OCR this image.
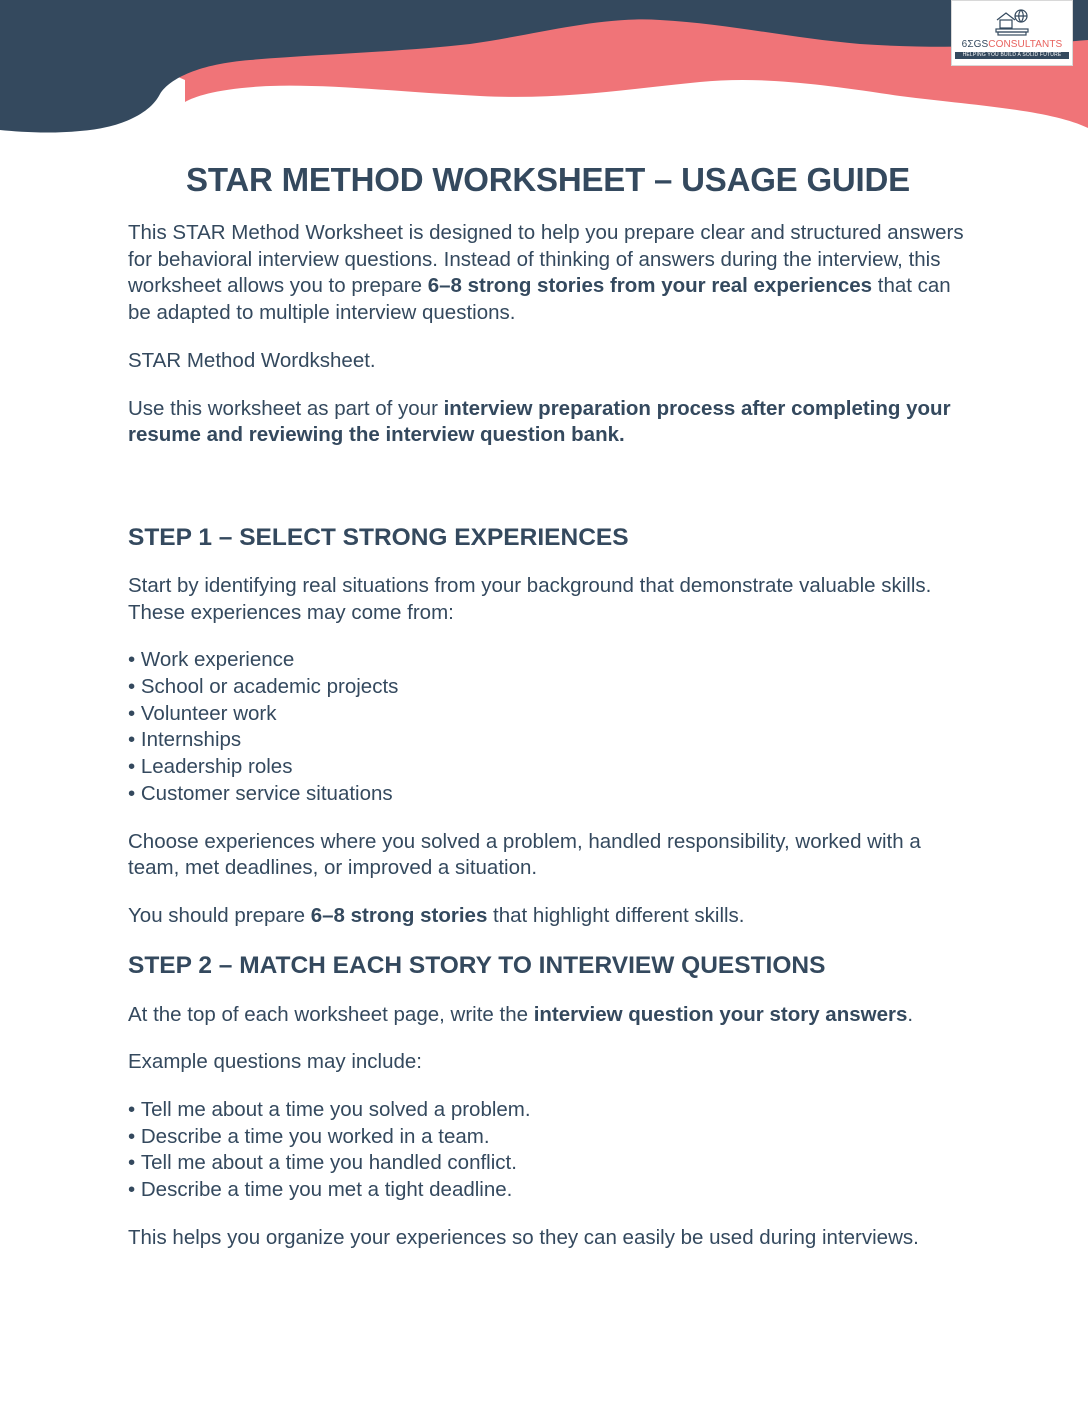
6ΣGSCONSULTANTS
HELPING YOU BUILD A SOLID FUTURE
STAR METHOD WORKSHEET – USAGE GUIDE

This STAR Method Worksheet is designed to help you prepare clear and structured answers for behavioral interview questions. Instead of thinking of answers during the interview, this worksheet allows you to prepare 6–8 strong stories from your real experiences that can be adapted to multiple interview questions.

STAR Method Wordksheet.

Use this worksheet as part of your interview preparation process after completing your resume and reviewing the interview question bank.

STEP 1 – SELECT STRONG EXPERIENCES

Start by identifying real situations from your background that demonstrate valuable skills. These experiences may come from:

• Work experience
• School or academic projects
• Volunteer work
• Internships
• Leadership roles
• Customer service situations

Choose experiences where you solved a problem, handled responsibility, worked with a team, met deadlines, or improved a situation.

You should prepare 6–8 strong stories that highlight different skills.

STEP 2 – MATCH EACH STORY TO INTERVIEW QUESTIONS

At the top of each worksheet page, write the interview question your story answers.

Example questions may include:

• Tell me about a time you solved a problem.
• Describe a time you worked in a team.
• Tell me about a time you handled conflict.
• Describe a time you met a tight deadline.

This helps you organize your experiences so they can easily be used during interviews.
